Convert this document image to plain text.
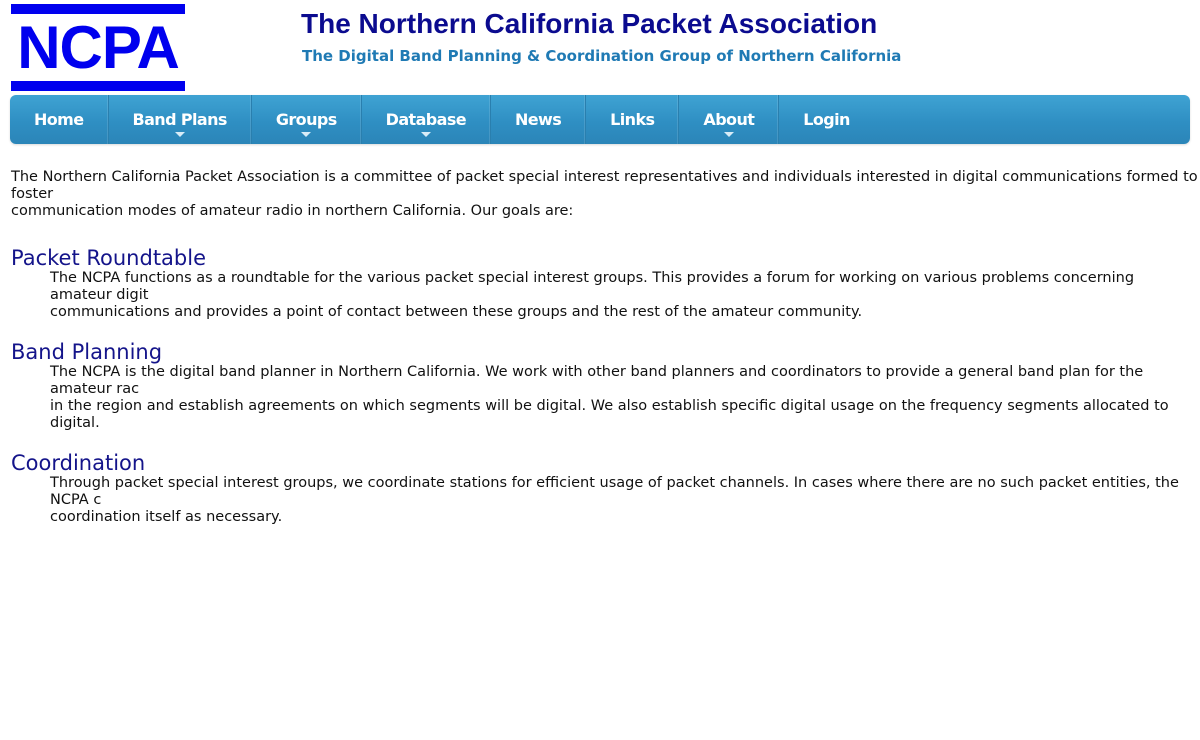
NCPA	The Northern California Packet Association
The Digital Band Planning & Coordination Group of Northern California
Home	Band Plans	Groups	Database	News	Links	About	Login

The Northern California Packet Association is a committee of packet special interest representatives and individuals interested in digital communications formed to foster
communication modes of amateur radio in northern California. Our goals are:

Packet Roundtable

The NCPA functions as a roundtable for the various packet special interest groups. This provides a forum for working on various problems concerning amateur digit
communications and provides a point of contact between these groups and the rest of the amateur community.

Band Planning

The NCPA is the digital band planner in Northern California. We work with other band planners and coordinators to provide a general band plan for the amateur rac
in the region and establish agreements on which segments will be digital. We also establish specific digital usage on the frequency segments allocated to digital.

Coordination

Through packet special interest groups, we coordinate stations for efficient usage of packet channels. In cases where there are no such packet entities, the NCPA c
coordination itself as necessary.
